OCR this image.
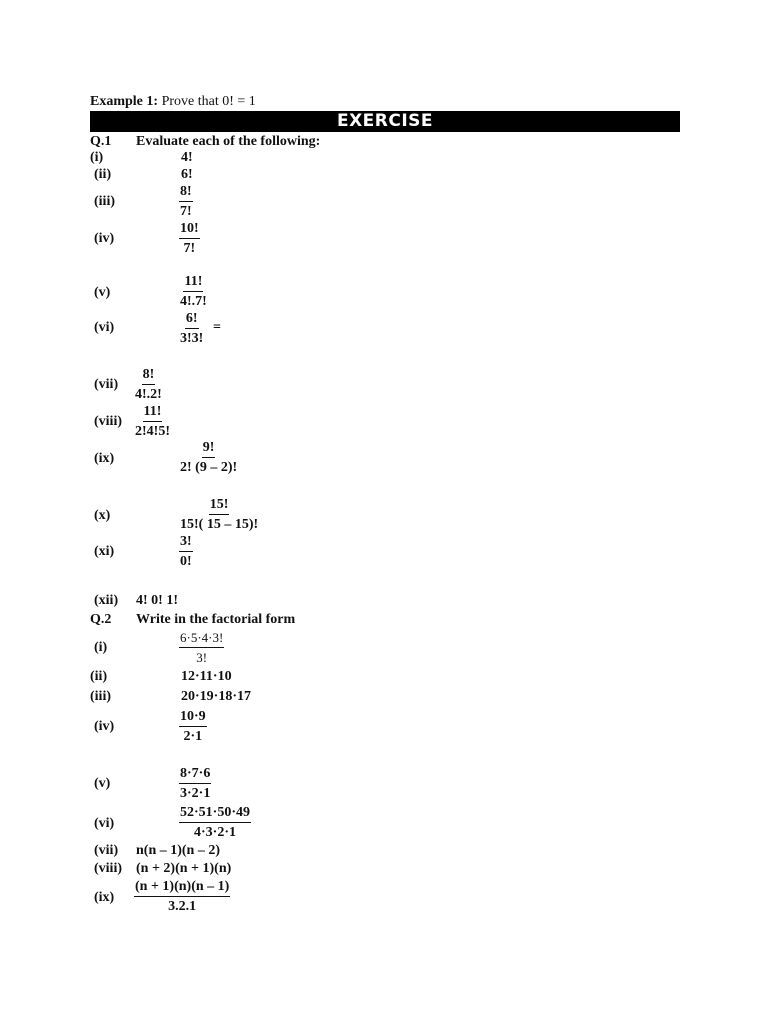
Example 1: Prove that 0! = 1
EXERCISE
Q.1 Evaluate each of the following:
(i)	4!
(ii)	6!
(iii)	$\frac{8!}{7!}$
(iv)	$\frac{10!}{7!}$
(v)	$\frac{11!}{4!.7!}$
(vi)	$\frac{6!}{3!3!}$ =
$(vii) \frac{8!}{4!.2!}$
(viii) $\frac{11!}{2!4!5!}$
(ix)	$\frac{9!}{2! (9 - 2)!}$
(x)	$\frac{15!}{15!( 15 - 15)!}$
(xi)	$\frac{3!}{0!}$
(xii) 4! 0! 1!
Q.2 Write in the factorial form
(i)	$\frac{6\cdot 5\cdot 4\cdot 3!}{3!}$
(ii)	12·11·10
(iii)	20·19·18·17
(iv)	$\frac{10\cdot 9}{2\cdot 1}$
(v)	$\frac{8\cdot 7\cdot 6}{3\cdot 2\cdot 1}$
(vi)	$\frac{52\cdot 51\cdot 50\cdot 49}{4\cdot 3\cdot 2\cdot 1}$
(vii) n(n – 1)(n – 2)
(viii) (n + 2)(n + 1)(n)
$(ix) \frac{(n + 1)(n)(n - 1)}{3.2.1}$
